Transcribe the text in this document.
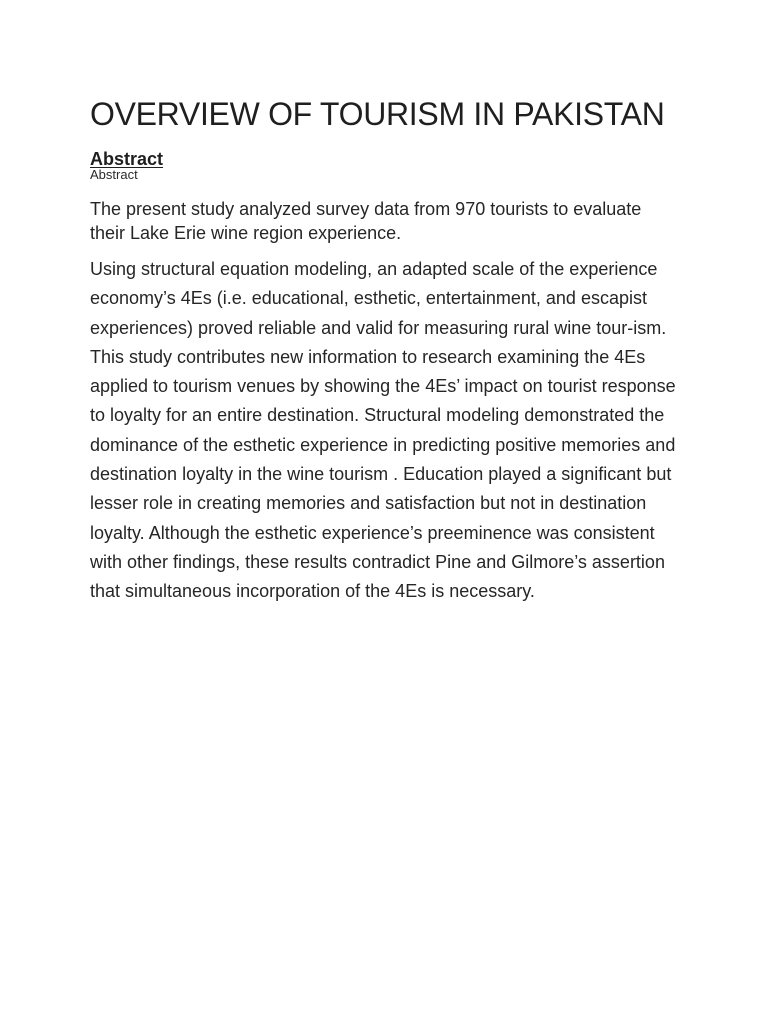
OVERVIEW OF TOURISM IN PAKISTAN
Abstract
Abstract

The present study analyzed survey data from 970 tourists to evaluate their Lake Erie wine region experience.

Using structural equation modeling, an adapted scale of the experience economy’s 4Es (i.e. educational, esthetic, entertainment, and escapist experiences) proved reliable and valid for measuring rural wine tour-ism. This study contributes new information to research examining the 4Es applied to tourism venues by showing the 4Es’ impact on tourist response to loyalty for an entire destination. Structural modeling demonstrated the dominance of the esthetic experience in predicting positive memories and destination loyalty in the wine tourism . Education played a significant but lesser role in creating memories and satisfaction but not in destination loyalty. Although the esthetic experience’s preeminence was consistent with other findings, these results contradict Pine and Gilmore’s assertion that simultaneous incorporation of the 4Es is necessary.
